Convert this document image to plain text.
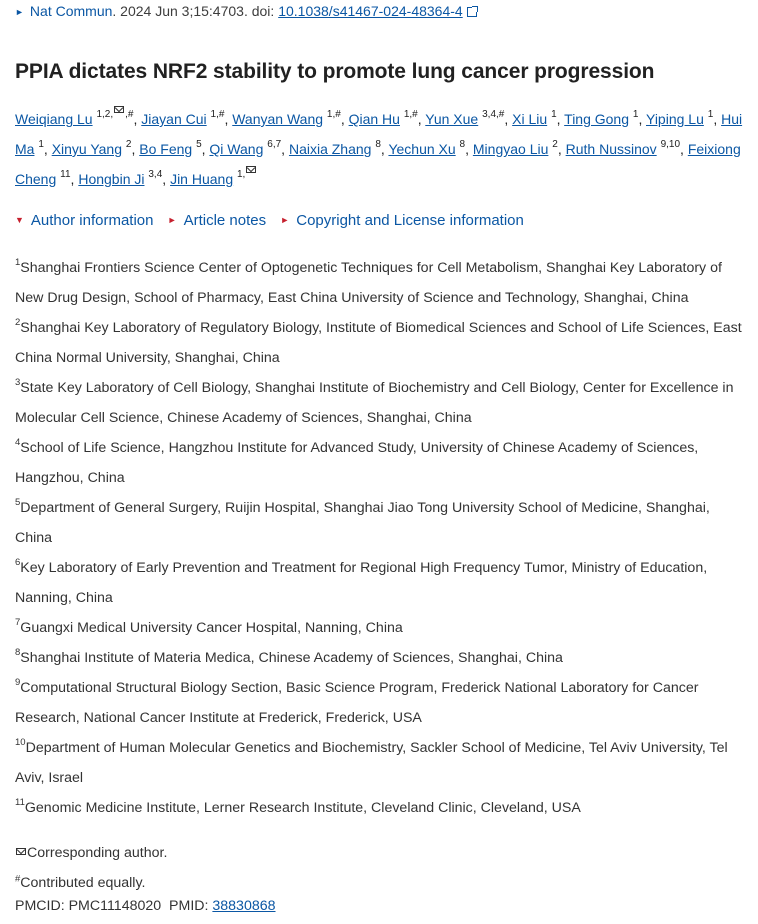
► Nat Commun. 2024 Jun 3;15:4703. doi: 10.1038/s41467-024-48364-4
PPIA dictates NRF2 stability to promote lung cancer progression
Weiqiang Lu $^{1,2, ,\#}$, Jiayan Cui $^{1,\#}$, Wanyan Wang $^{1,\#}$, Qian Hu $^{1,\#}$, Yun Xue $^{3,4,\#}$, Xi Liu $^1$, Ting Gong $^1$, Yiping Lu $^1$, Hui Ma $^1$, Xinyu Yang $^2$, Bo Feng $^5$, Qi Wang $^{6,7}$, Naixia Zhang $^8$, Yechun Xu $^8$, Mingyao Liu $^2$, Ruth Nussinov $^{9,10}$, Feixiong Cheng $^{11}$, Hongbin Ji $^{3,4}$, Jin Huang $^{1,}$
▼ Author information ► Article notes ► Copyright and License information
$^1$Shanghai Frontiers Science Center of Optogenetic Techniques for Cell Metabolism, Shanghai Key Laboratory of New Drug Design, School of Pharmacy, East China University of Science and Technology, Shanghai, China
$^2$Shanghai Key Laboratory of Regulatory Biology, Institute of Biomedical Sciences and School of Life Sciences, East China Normal University, Shanghai, China
$^3$State Key Laboratory of Cell Biology, Shanghai Institute of Biochemistry and Cell Biology, Center for Excellence in Molecular Cell Science, Chinese Academy of Sciences, Shanghai, China
$^4$School of Life Science, Hangzhou Institute for Advanced Study, University of Chinese Academy of Sciences, Hangzhou, China
$^5$Department of General Surgery, Ruijin Hospital, Shanghai Jiao Tong University School of Medicine, Shanghai, China
$^6$Key Laboratory of Early Prevention and Treatment for Regional High Frequency Tumor, Ministry of Education, Nanning, China
$^7$Guangxi Medical University Cancer Hospital, Nanning, China
$^8$Shanghai Institute of Materia Medica, Chinese Academy of Sciences, Shanghai, China
$^9$Computational Structural Biology Section, Basic Science Program, Frederick National Laboratory for Cancer Research, National Cancer Institute at Frederick, Frederick, USA
$^{10}$Department of Human Molecular Genetics and Biochemistry, Sackler School of Medicine, Tel Aviv University, Tel Aviv, Israel
$^{11}$Genomic Medicine Institute, Lerner Research Institute, Cleveland Clinic, Cleveland, USA
Corresponding author.
#Contributed equally.
PMCID: PMC11148020 PMID: 38830868
